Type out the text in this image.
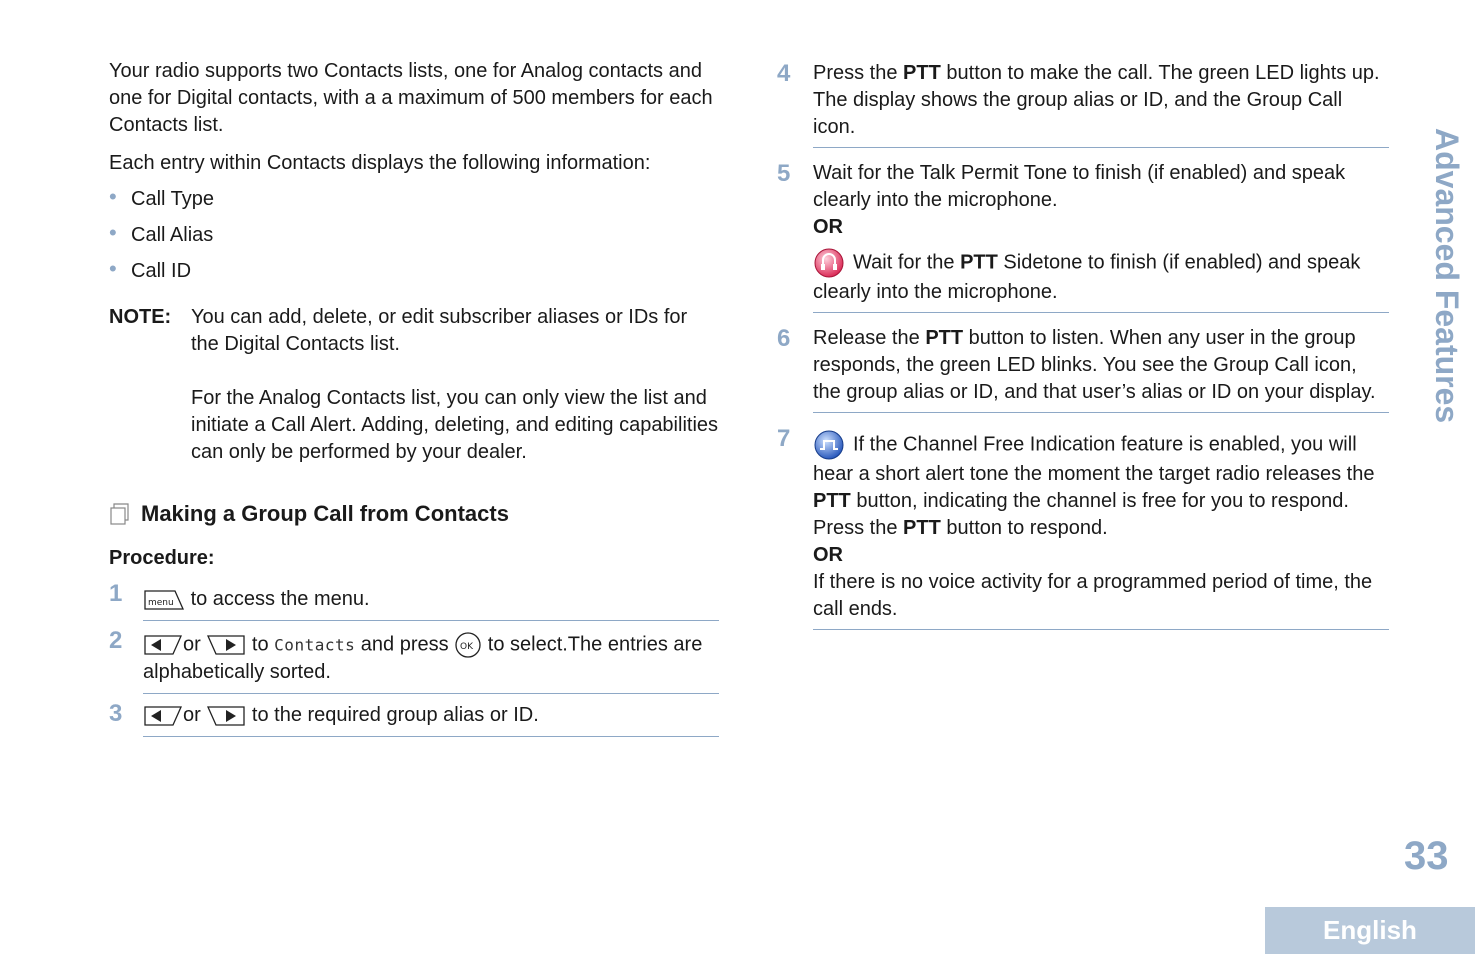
Your radio supports two Contacts lists, one for Analog contacts and one for Digital contacts, with a a maximum of 500 members for each Contacts list.

Each entry within Contacts displays the following information:

• Call Type
• Call Alias
• Call ID
NOTE: You can add, delete, or edit subscriber aliases or IDs for the Digital Contacts list.

For the Analog Contacts list, you can only view the list and initiate a Call Alert. Adding, deleting, and editing capabilities can only be performed by your dealer.

Making a Group Call from Contacts

Procedure:

1	menu to access the menu.
2	or	to Contacts and press OK to select.The entries are alphabetically sorted.
3	or	to the required group alias or ID.
4 Press the PTT button to make the call. The green LED lights up. The display shows the group alias or ID, and the Group Call icon.
5 Wait for the Talk Permit Tone to finish (if enabled) and speak clearly into the microphone.

OR

Wait for the PTT Sidetone to finish (if enabled) and speak clearly into the microphone.

6 Release the PTT button to listen. When any user in the group responds, the green LED blinks. You see the Group Call icon, the group alias or ID, and that user’s alias or ID on your display.
7	If the Channel Free Indication feature is enabled, you will hear a short alert tone the moment the target radio releases the PTT button, indicating the channel is free for you to respond. Press the PTT button to respond.

OR

If there is no voice activity for a programmed period of time, the call ends.

Advanced Features
33
English
